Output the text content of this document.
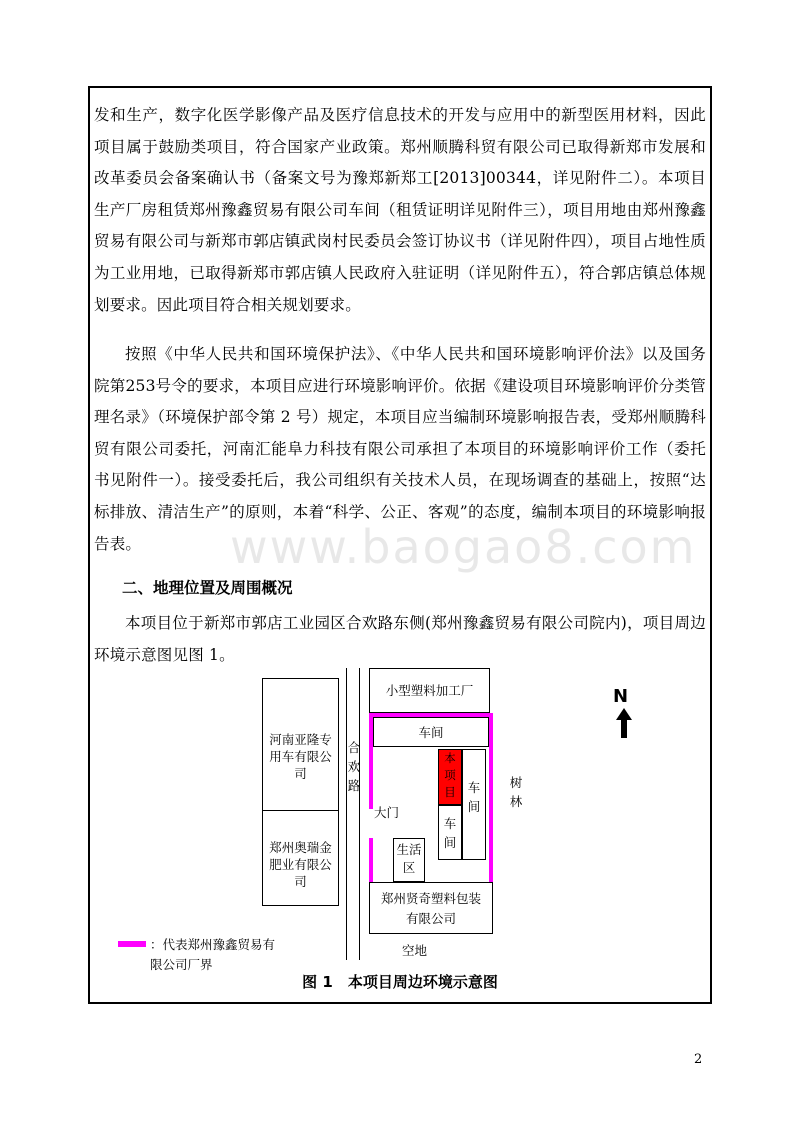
发和生产，数字化医学影像产品及医疗信息技术的开发与应用中的新型医用材料，因此项目属于鼓励类项目，符合国家产业政策。郑州顺腾科贸有限公司已取得新郑市发展和改革委员会备案确认书（备案文号为豫郑新郑工[2013]00344，详见附件二）。本项目生产厂房租赁郑州豫鑫贸易有限公司车间（租赁证明详见附件三），项目用地由郑州豫鑫贸易有限公司与新郑市郭店镇武岗村民委员会签订协议书（详见附件四），项目占地性质为工业用地，已取得新郑市郭店镇人民政府入驻证明（详见附件五），符合郭店镇总体规划要求。因此项目符合相关规划要求。
按照《中华人民共和国环境保护法》、《中华人民共和国环境影响评价法》以及国务院第253号令的要求，本项目应进行环境影响评价。依据《建设项目环境影响评价分类管理名录》（环境保护部令第 2 号）规定，本项目应当编制环境影响报告表，受郑州顺腾科贸有限公司委托，河南汇能阜力科技有限公司承担了本项目的环境影响评价工作（委托书见附件一）。接受委托后，我公司组织有关技术人员，在现场调查的基础上，按照“达标排放、清洁生产”的原则，本着“科学、公正、客观”的态度，编制本项目的环境影响报告表。	www.baogao8.com
二、地理位置及周围概况
本项目位于新郑市郭店工业园区合欢路东侧(郑州豫鑫贸易有限公司院内)，项目周边环境示意图见图 1。
河南亚隆专用车有限公司
郑州奥瑞金肥业有限公司
合欢路
小型塑料加工厂
车间
本项目
车间
车间
大门
生活区
郑州贤奇塑料包装有限公司
空地
树林
N
：代表郑州豫鑫贸易有限公司厂界
图 1　本项目周边环境示意图
2
